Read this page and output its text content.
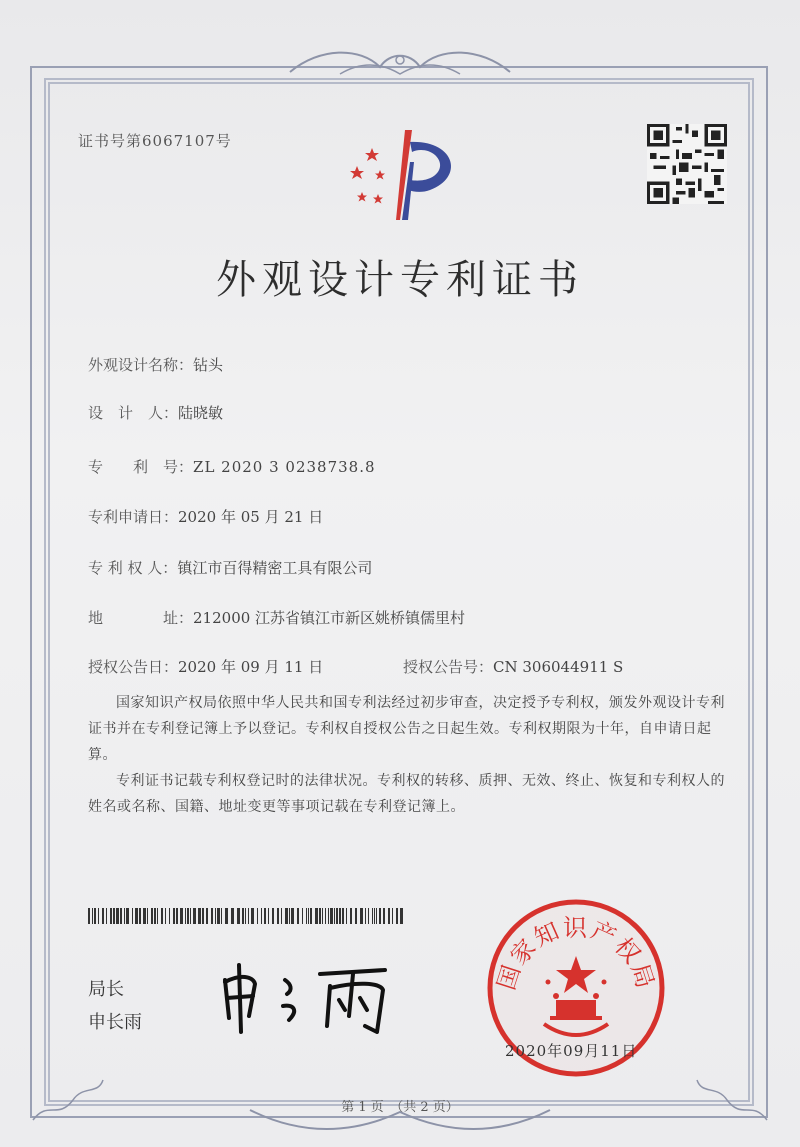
证书号第6067107号
外观设计专利证书
外观设计名称：钻头
设　计　人：陆晓敏
专　　利　号：ZL 2020 3 0238738.8
专利申请日：2020 年 05 月 21 日
专 利 权 人：镇江市百得精密工具有限公司
地　　　　址：212000 江苏省镇江市新区姚桥镇儒里村
授权公告日：2020 年 09 月 11 日	授权公告号：CN 306044911 S
国家知识产权局依照中华人民共和国专利法经过初步审查，决定授予专利权，颁发外观设计专利证书并在专利登记簿上予以登记。专利权自授权公告之日起生效。专利权期限为十年，自申请日起算。
专利证书记载专利权登记时的法律状况。专利权的转移、质押、无效、终止、恢复和专利权人的姓名或名称、国籍、地址变更等事项记载在专利登记簿上。
局长
申长雨
国家知识产权局
2020年09月11日
第 1 页　（共 2 页）
